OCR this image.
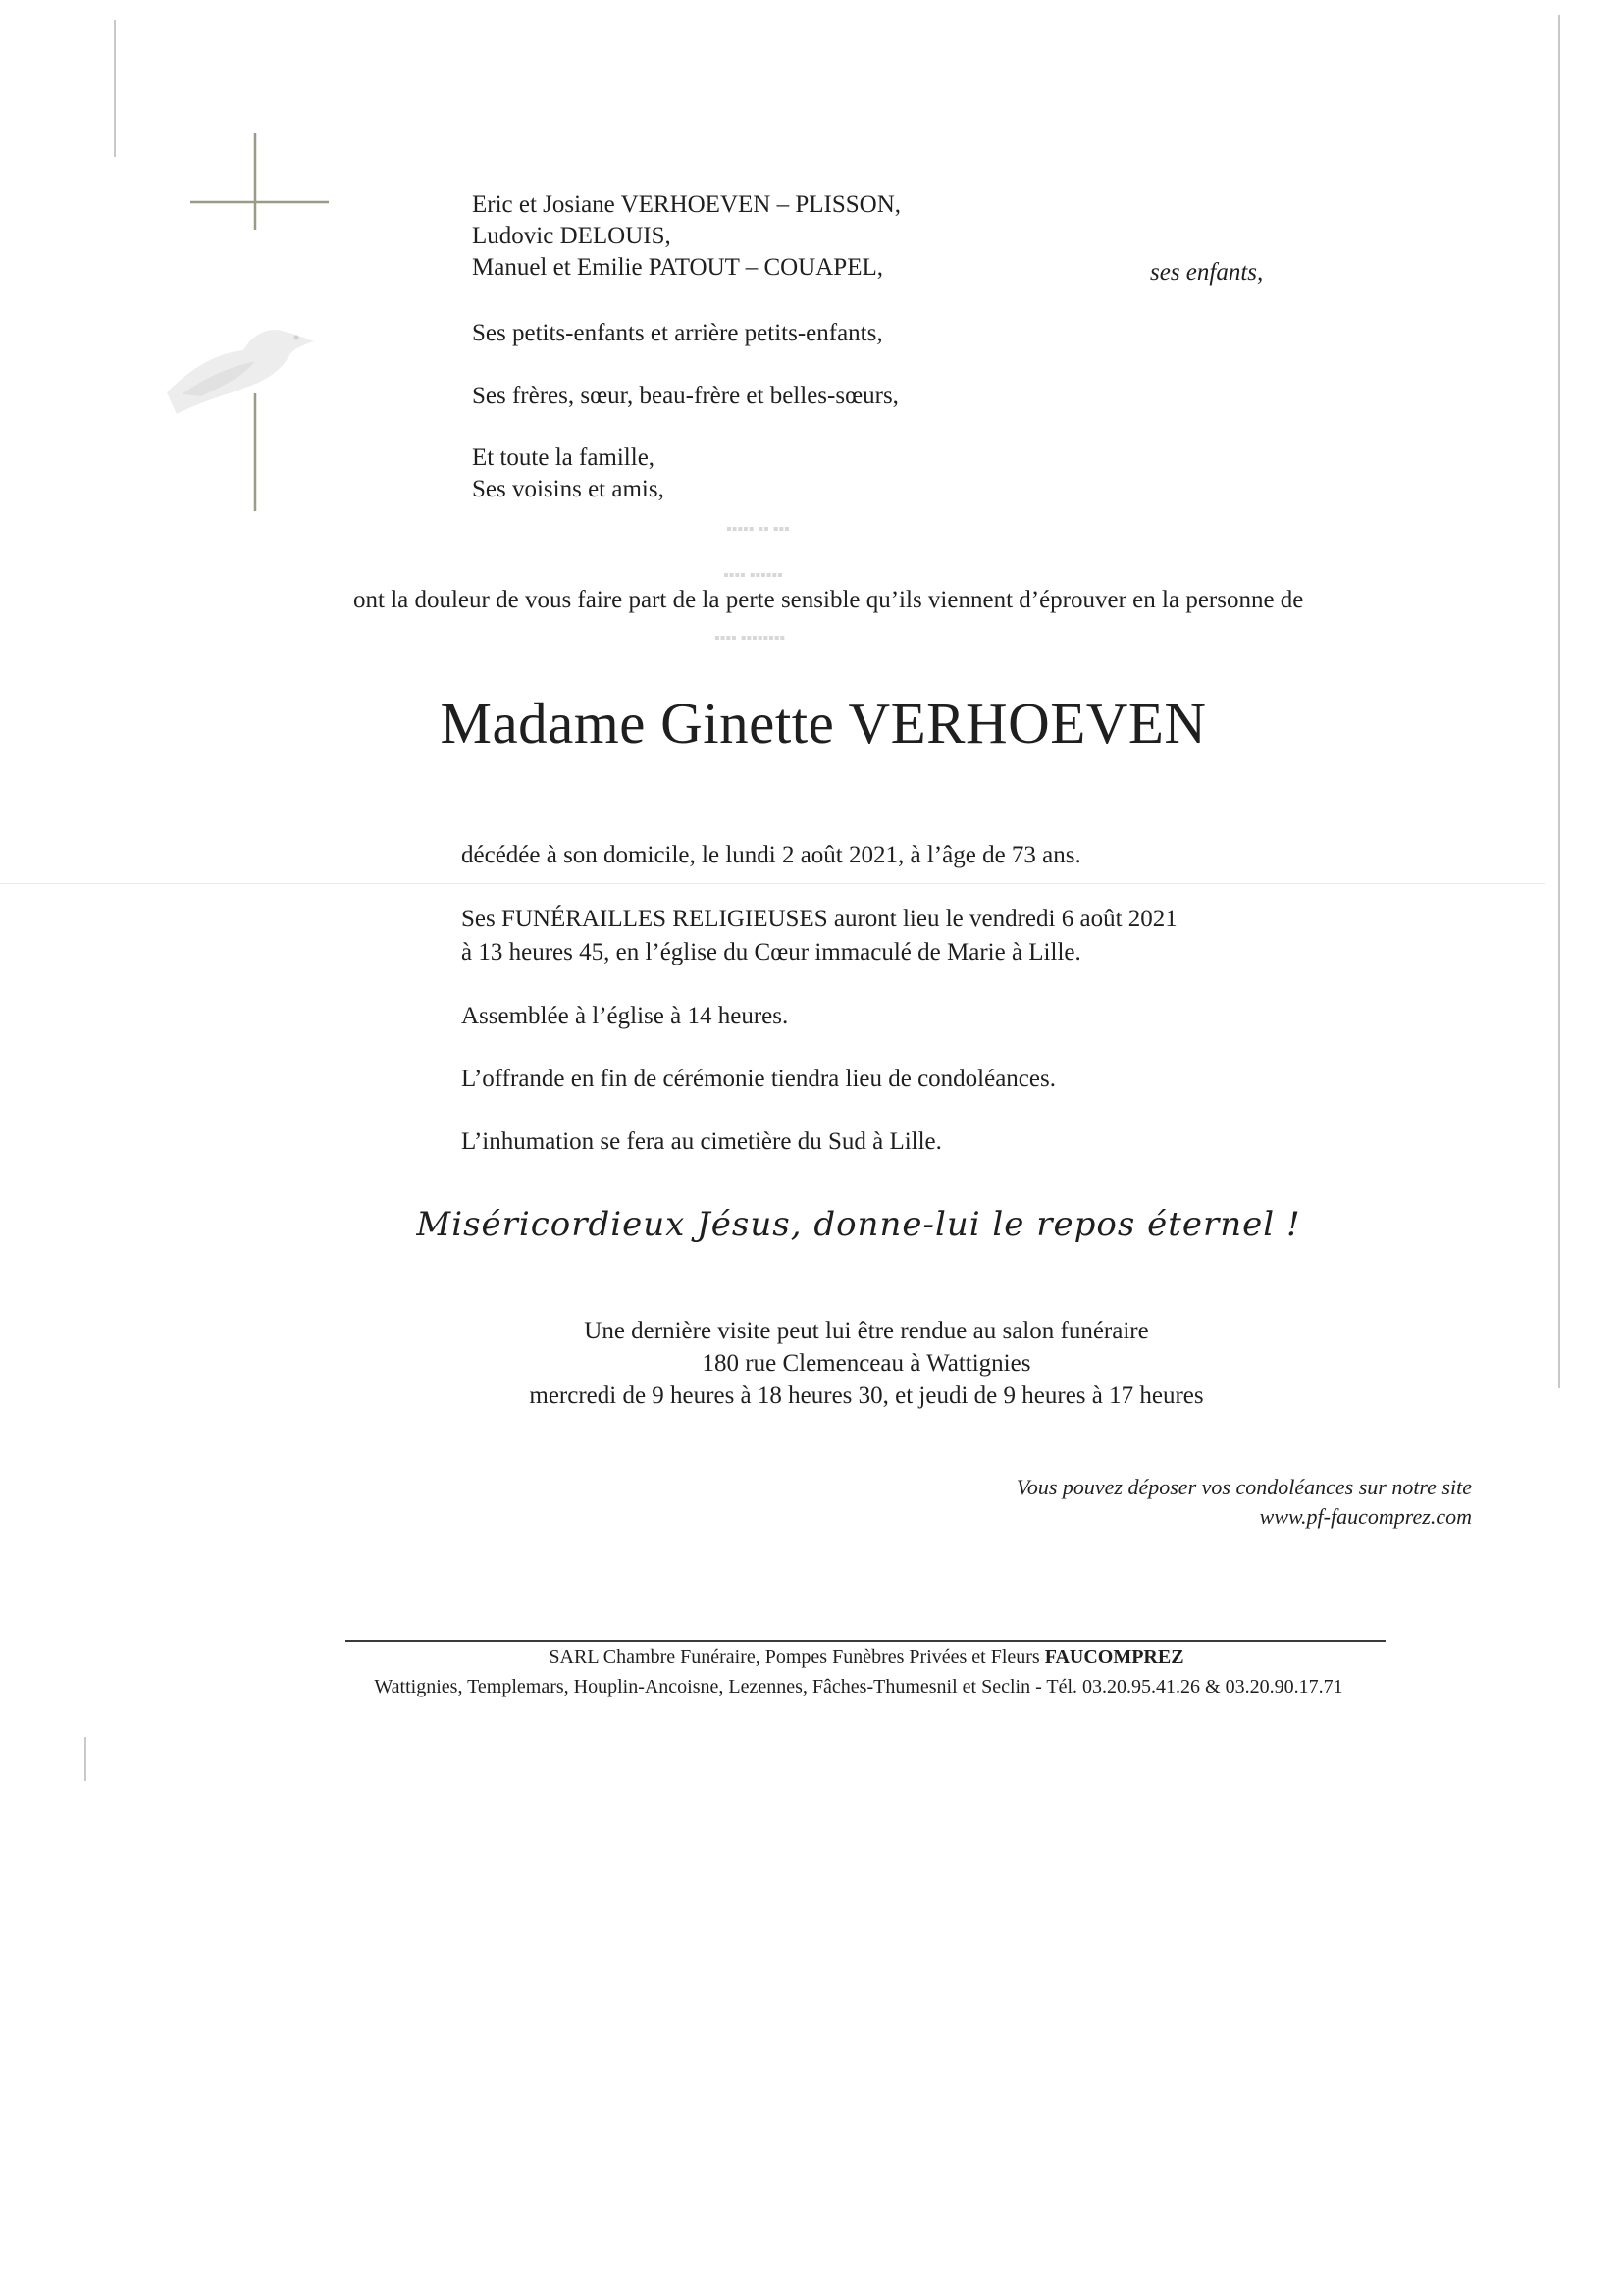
Eric et Josiane VERHOEVEN – PLISSON,
Ludovic DELOUIS,
Manuel et Emilie PATOUT – COUAPEL,	ses enfants,
Ses petits-enfants et arrière petits-enfants,
Ses frères, sœur, beau-frère et belles-sœurs,
Et toute la famille,
Ses voisins et amis,
▪▪▪▪▪ ▪▪ ▪▪▪
▪▪▪▪ ▪▪▪▪▪▪
▪▪▪▪ ▪▪▪▪▪▪▪▪
ont la douleur de vous faire part de la perte sensible qu’ils viennent d’éprouver en la personne de
Madame Ginette VERHOEVEN
décédée à son domicile, le lundi 2 août 2021, à l’âge de 73 ans.
Ses FUNÉRAILLES RELIGIEUSES auront lieu le vendredi 6 août 2021
à 13 heures 45, en l’église du Cœur immaculé de Marie à Lille.
Assemblée à l’église à 14 heures.
L’offrande en fin de cérémonie tiendra lieu de condoléances.
L’inhumation se fera au cimetière du Sud à Lille.
Miséricordieux Jésus, donne-lui le repos éternel !
Une dernière visite peut lui être rendue au salon funéraire
180 rue Clemenceau à Wattignies
mercredi de 9 heures à 18 heures 30, et jeudi de 9 heures à 17 heures
Vous pouvez déposer vos condoléances sur notre site
www.pf-faucomprez.com
SARL Chambre Funéraire, Pompes Funèbres Privées et Fleurs FAUCOMPREZ
Wattignies, Templemars, Houplin-Ancoisne, Lezennes, Fâches-Thumesnil et Seclin - Tél. 03.20.95.41.26 & 03.20.90.17.71
